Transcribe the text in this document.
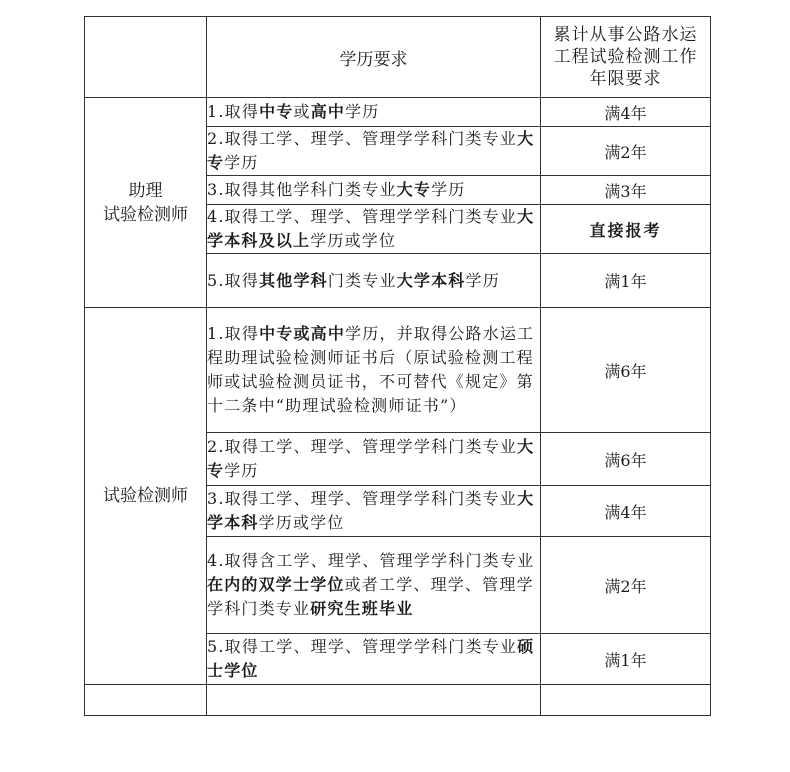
	学历要求	累计从事公路水运
工程试验检测工作
年限要求

助理
试验检测师	1.取得中专或高中学历	满4年
	2.取得工学、理学、管理学学科门类专业大专学历	满2年
	3.取得其他学科门类专业大专学历	满3年
	4.取得工学、理学、管理学学科门类专业大学本科及以上学历或学位	直接报考
	5.取得其他学科门类专业大学本科学历	满1年

试验检测师	1.取得中专或高中学历，并取得公路水运工程助理试验检测师证书后（原试验检测工程师或试验检测员证书，不可替代《规定》第十二条中“助理试验检测师证书”）	满6年
	2.取得工学、理学、管理学学科门类专业大专学历	满6年
	3.取得工学、理学、管理学学科门类专业大学本科学历或学位	满4年
	4.取得含工学、理学、管理学学科门类专业在内的双学士学位或者工学、理学、管理学学科门类专业研究生班毕业	满2年
	5.取得工学、理学、管理学学科门类专业硕士学位	满1年
